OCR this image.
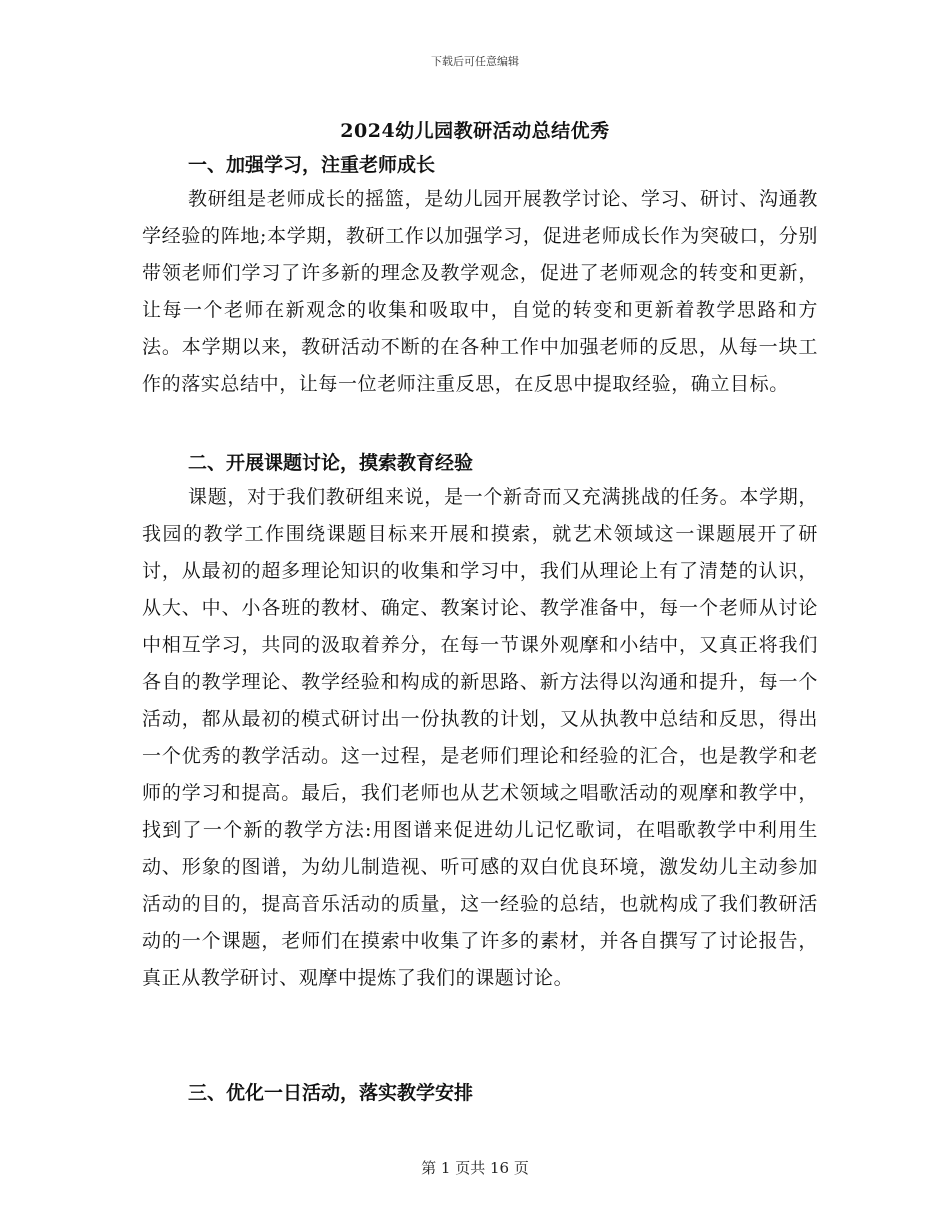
下载后可任意编辑
2024幼儿园教研活动总结优秀
一、加强学习，注重老师成长

教研组是老师成长的摇篮，是幼儿园开展教学讨论、学习、研讨、沟通教学经验的阵地;本学期，教研工作以加强学习，促进老师成长作为突破口，分别带领老师们学习了许多新的理念及教学观念，促进了老师观念的转变和更新，让每一个老师在新观念的收集和吸取中，自觉的转变和更新着教学思路和方法。本学期以来，教研活动不断的在各种工作中加强老师的反思，从每一块工作的落实总结中，让每一位老师注重反思，在反思中提取经验，确立目标。

二、开展课题讨论，摸索教育经验

课题，对于我们教研组来说，是一个新奇而又充满挑战的任务。本学期，我园的教学工作围绕课题目标来开展和摸索，就艺术领域这一课题展开了研讨，从最初的超多理论知识的收集和学习中，我们从理论上有了清楚的认识，从大、中、小各班的教材、确定、教案讨论、教学准备中，每一个老师从讨论中相互学习，共同的汲取着养分，在每一节课外观摩和小结中，又真正将我们各自的教学理论、教学经验和构成的新思路、新方法得以沟通和提升，每一个活动，都从最初的模式研讨出一份执教的计划，又从执教中总结和反思，得出一个优秀的教学活动。这一过程，是老师们理论和经验的汇合，也是教学和老师的学习和提高。最后，我们老师也从艺术领域之唱歌活动的观摩和教学中，找到了一个新的教学方法:用图谱来促进幼儿记忆歌词，在唱歌教学中利用生动、形象的图谱，为幼儿制造视、听可感的双白优良环境，激发幼儿主动参加活动的目的，提高音乐活动的质量，这一经验的总结，也就构成了我们教研活动的一个课题，老师们在摸索中收集了许多的素材，并各自撰写了讨论报告，真正从教学研讨、观摩中提炼了我们的课题讨论。

三、优化一日活动，落实教学安排
第 1 页共 16 页
